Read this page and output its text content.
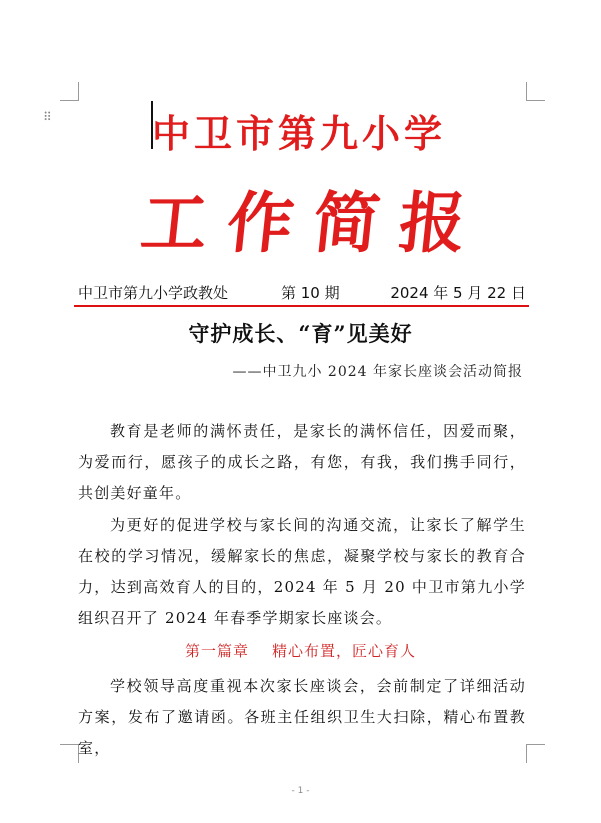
⠿	中卫市第九小学
工作简报
中卫市第九小学政教处	第 10 期	2024 年 5 月 22 日
守护成长、“育”见美好
——中卫九小 2024 年家长座谈会活动简报
教育是老师的满怀责任，是家长的满怀信任，因爱而聚，为爱而行，愿孩子的成长之路，有您，有我，我们携手同行，共创美好童年。
为更好的促进学校与家长间的沟通交流，让家长了解学生在校的学习情况，缓解家长的焦虑，凝聚学校与家长的教育合力，达到高效育人的目的，2024 年 5 月 20 中卫市第九小学组织召开了 2024 年春季学期家长座谈会。
第一篇章    精心布置，匠心育人
学校领导高度重视本次家长座谈会，会前制定了详细活动方案，发布了邀请函。各班主任组织卫生大扫除，精心布置教室，
- 1 -
